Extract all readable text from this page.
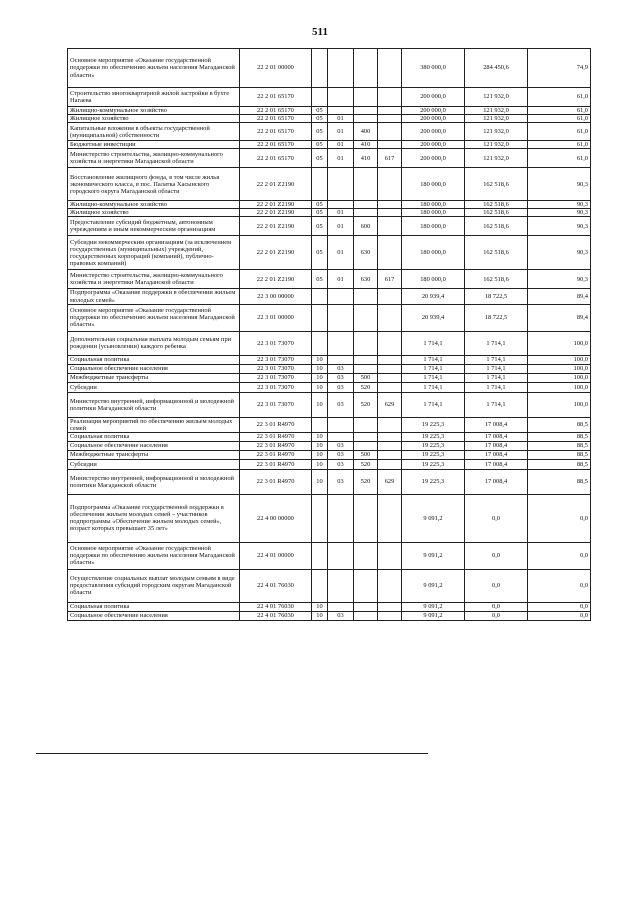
511
Основное мероприятие «Оказание государственной поддержки по обеспечению жильем населения Магаданской области»	22 2 01 00000					380 000,0	284 450,6	74,9
Строительство многоквартирной жилой застройки в бухте Нагаева	22 2 01 65170					200 000,0	121 932,0	61,0
Жилищно-коммунальное хозяйство	22 2 01 65170	05				200 000,0	121 932,0	61,0
Жилищное хозяйство	22 2 01 65170	05	01			200 000,0	121 932,0	61,0
Капитальные вложения в объекты государственной (муниципальной) собственности	22 2 01 65170	05	01	400		200 000,0	121 932,0	61,0
Бюджетные инвестиции	22 2 01 65170	05	01	410		200 000,0	121 932,0	61,0
Министерство строительства, жилищно-коммунального хозяйства и энергетики Магаданской области	22 2 01 65170	05	01	410	617	200 000,0	121 932,0	61,0
Восстановление жилищного фонда, в том числе жилья экономического класса, в пос. Палатка Хасынского городского округа Магаданской области	22 2 01 Z2190					180 000,0	162 518,6	90,3
Жилищно-коммунальное хозяйство	22 2 01 Z2190	05				180 000,0	162 518,6	90,3
Жилищное хозяйство	22 2 01 Z2190	05	01			180 000,0	162 518,6	90,3
Предоставление субсидий бюджетным, автономным учреждениям и иным некоммерческим организациям	22 2 01 Z2190	05	01	600		180 000,0	162 518,6	90,3
Субсидии некоммерческим организациям (за исключением государственных (муниципальных) учреждений, государственных корпораций (компаний), публично-правовых компаний)	22 2 01 Z2190	05	01	630		180 000,0	162 518,6	90,3
Министерство строительства, жилищно-коммунального хозяйства и энергетики Магаданской области	22 2 01 Z2190	05	01	630	617	180 000,0	162 518,6	90,3
Подпрограмма «Оказание поддержки в обеспечении жильем молодых семей»	22 3 00 00000					20 939,4	18 722,5	89,4
Основное мероприятие «Оказание государственной поддержки по обеспечению жильем населения Магаданской области»	22 3 01 00000					20 939,4	18 722,5	89,4
Дополнительная социальная выплата молодым семьям при рождении (усыновлении) каждого ребенка	22 3 01 73070					1 714,1	1 714,1	100,0
Социальная политика	22 3 01 73070	10				1 714,1	1 714,1	100,0
Социальное обеспечение населения	22 3 01 73070	10	03			1 714,1	1 714,1	100,0
Межбюджетные трансферты	22 3 01 73070	10	03	500		1 714,1	1 714,1	100,0
Субсидии	22 3 01 73070	10	03	520		1 714,1	1 714,1	100,0
Министерство внутренней, информационной и молодежной политики Магаданской области	22 3 01 73070	10	03	520	629	1 714,1	1 714,1	100,0
Реализация мероприятий по обеспечению жильем молодых семей	22 3 01 R4970					19 225,3	17 008,4	88,5
Социальная политика	22 3 01 R4970	10				19 225,3	17 008,4	88,5
Социальное обеспечение населения	22 3 01 R4970	10	03			19 225,3	17 008,4	88,5
Межбюджетные трансферты	22 3 01 R4970	10	03	500		19 225,3	17 008,4	88,5
Субсидии	22 3 01 R4970	10	03	520		19 225,3	17 008,4	88,5
Министерство внутренней, информационной и молодежной политики Магаданской области	22 3 01 R4970	10	03	520	629	19 225,3	17 008,4	88,5
Подпрограмма «Оказание государственной поддержки в обеспечении жильем молодых семей – участников подпрограммы «Обеспечение жильем молодых семей», возраст которых превышает 35 лет»	22 4 00 00000					9 091,2	0,0	0,0
Основное мероприятие «Оказание государственной поддержки по обеспечению жильем населения Магаданской области»	22 4 01 00000					9 091,2	0,0	0,0
Осуществление социальных выплат молодым семьям в виде предоставления субсидий городским округам Магаданской области	22 4 01 76030					9 091,2	0,0	0,0
Социальная политика	22 4 01 76030	10				9 091,2	0,0	0,0
Социальное обеспечение населения	22 4 01 76030	10	03			9 091,2	0,0	0,0
